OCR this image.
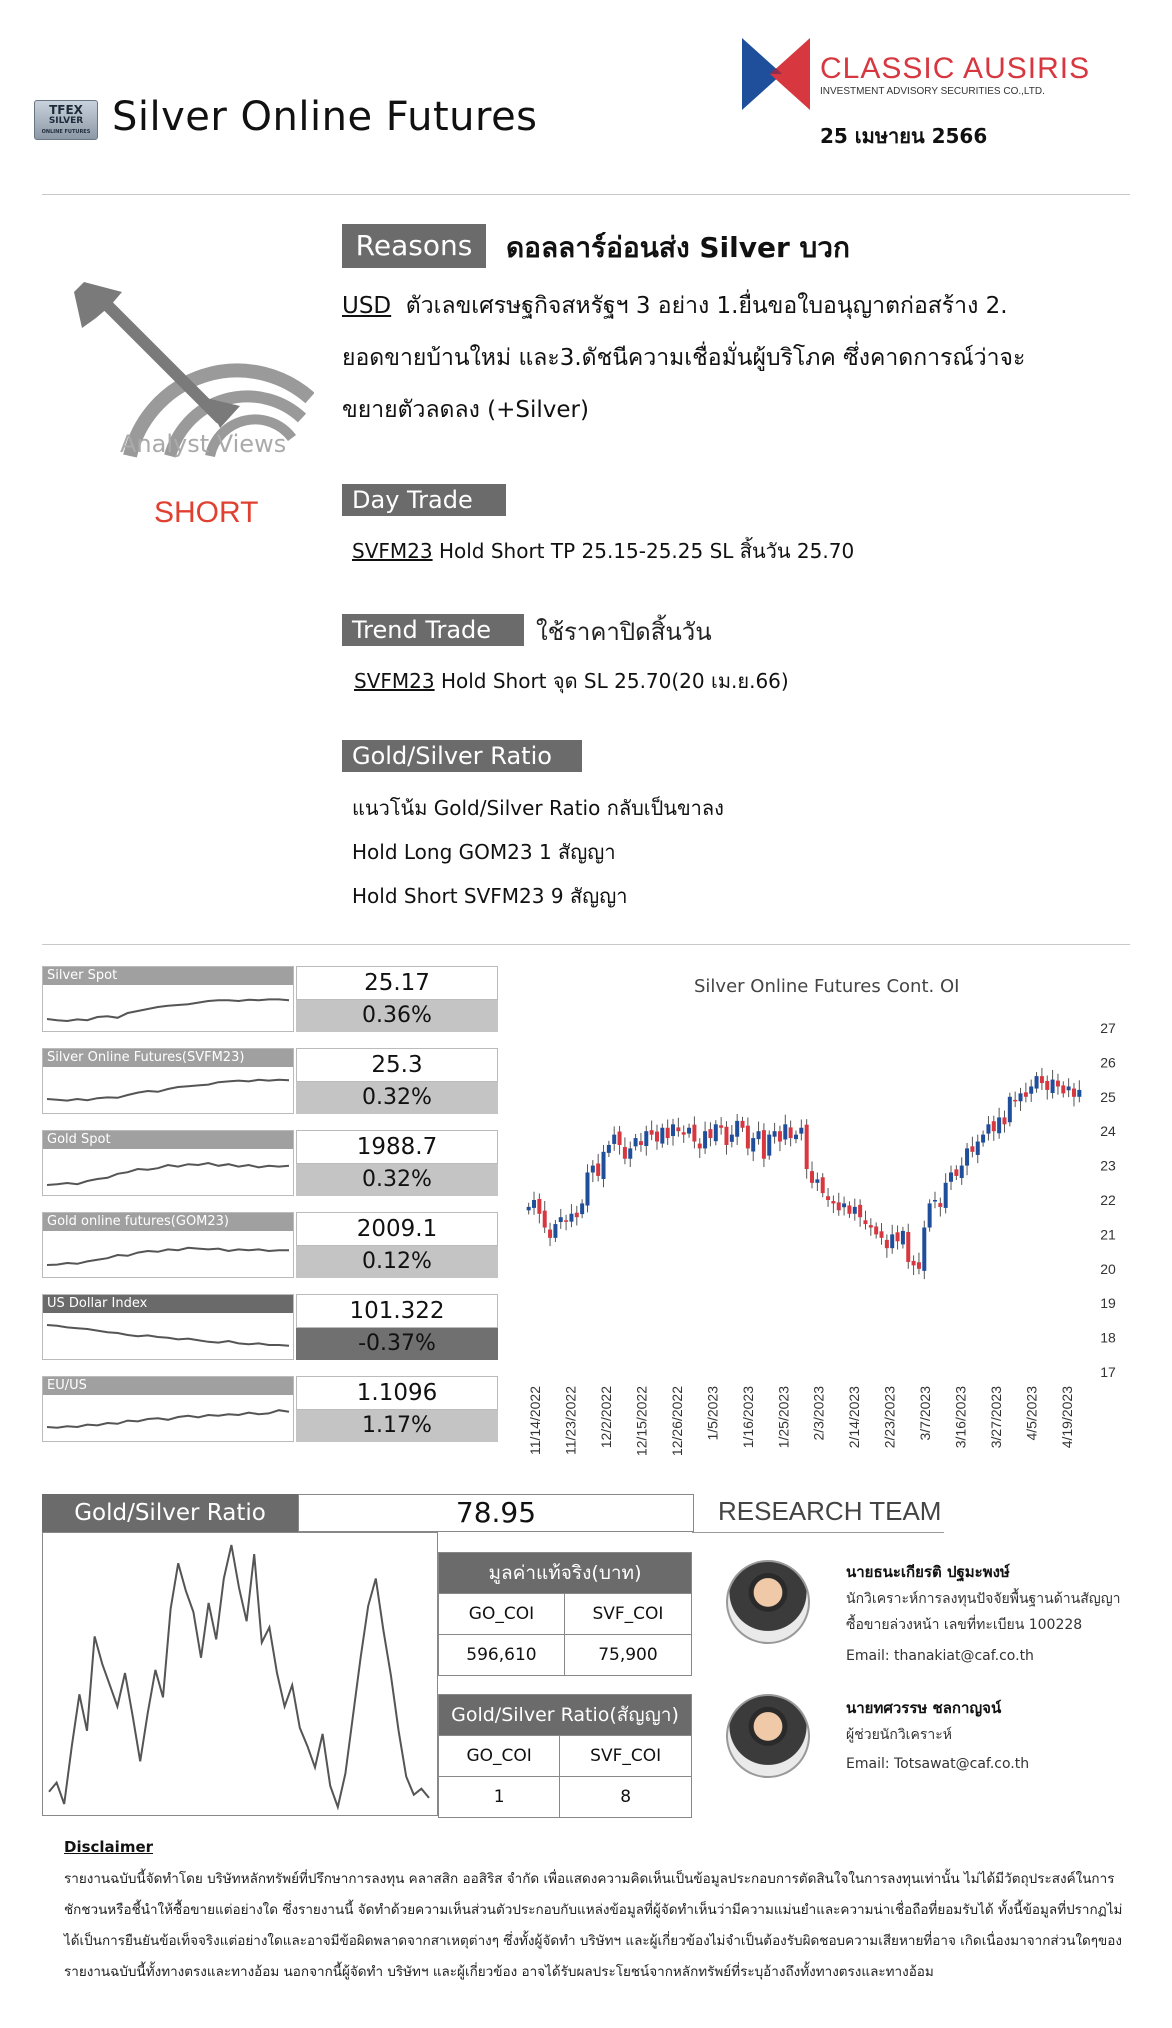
TFEX
SILVER
ONLINE FUTURES Silver Online Futures
CLASSIC AUSIRIS
INVESTMENT ADVISORY SECURITIES CO.,LTD.
25 เมษายน 2566
Analyst Views
SHORT
Reasons	ดอลลาร์อ่อนส่ง Silver บวก
USD ตัวเลขเศรษฐกิจสหรัฐฯ 3 อย่าง 1.ยื่นขอใบอนุญาตก่อสร้าง 2.
ยอดขายบ้านใหม่ และ3.ดัชนีความเชื่อมั่นผู้บริโภค ซึ่งคาดการณ์ว่าจะ
ขยายตัวลดลง (+Silver)
Day Trade
SVFM23 Hold Short TP 25.15-25.25 SL สิ้นวัน 25.70
Trend Trade	ใช้ราคาปิดสิ้นวัน
SVFM23 Hold Short จุด SL 25.70(20 เม.ย.66)
Gold/Silver Ratio
แนวโน้ม Gold/Silver Ratio กลับเป็นขาลง
Hold Long GOM23 1 สัญญา
Hold Short SVFM23 9 สัญญา
Silver Spot	25.17
0.36%
Silver Online Futures(SVFM23)	25.3
0.32%
Gold Spot	1988.7
0.32%
Gold online futures(GOM23)	2009.1
0.12%
US Dollar Index	101.322
-0.37%
EU/US	1.1096
1.17%
Silver Online Futures Cont. OI
17
18
19
20
21
22
23
24
25
26
27
11/14/2022 11/23/2022 12/2/2022 12/15/2022 12/26/2022 1/5/2023 1/16/2023 1/25/2023 2/3/2023 2/14/2023 2/23/2023 3/7/2023 3/16/2023 3/27/2023 4/5/2023 4/19/2023
Gold/Silver Ratio	78.95
มูลค่าแท้จริง(บาท)	
GO_COI	SVF_COI
596,610	75,900
Gold/Silver Ratio(สัญญา)	
GO_COI	SVF_COI
1	8
RESEARCH TEAM
นายธนะเกียรติ ปฐมะพงษ์
นักวิเคราะห์การลงทุนปัจจัยพื้นฐานด้านสัญญา
ซื้อขายล่วงหน้า เลขที่ทะเบียน 100228
Email: thanakiat@caf.co.th
นายทศวรรษ ชลกาญจน์
ผู้ช่วยนักวิเคราะห์
Email: Totsawat@caf.co.th
Disclaimer
รายงานฉบับนี้จัดทำโดย บริษัทหลักทรัพย์ที่ปรึกษาการลงทุน คลาสสิก ออสิริส จำกัด เพื่อแสดงความคิดเห็นเป็นข้อมูลประกอบการตัดสินใจในการลงทุนเท่านั้น ไม่ได้มีวัตถุประสงค์ในการชักชวนหรือชี้นำให้ซื้อขายแต่อย่างใด ซึ่งรายงานนี้ จัดทำด้วยความเห็นส่วนตัวประกอบกับแหล่งข้อมูลที่ผู้จัดทำเห็นว่ามีความแม่นยำและความน่าเชื่อถือที่ยอมรับได้ ทั้งนี้ข้อมูลที่ปรากฏไม่ได้เป็นการยืนยันข้อเท็จจริงแต่อย่างใดและอาจมีข้อผิดพลาดจากสาเหตุต่างๆ ซึ่งทั้งผู้จัดทำ บริษัทฯ และผู้เกี่ยวข้องไม่จำเป็นต้องรับผิดชอบความเสียหายที่อาจ เกิดเนื่องมาจากส่วนใดๆของรายงานฉบับนี้ทั้งทางตรงและทางอ้อม นอกจากนี้ผู้จัดทำ บริษัทฯ และผู้เกี่ยวข้อง อาจได้รับผลประโยชน์จากหลักทรัพย์ที่ระบุอ้างถึงทั้งทางตรงและทางอ้อม
